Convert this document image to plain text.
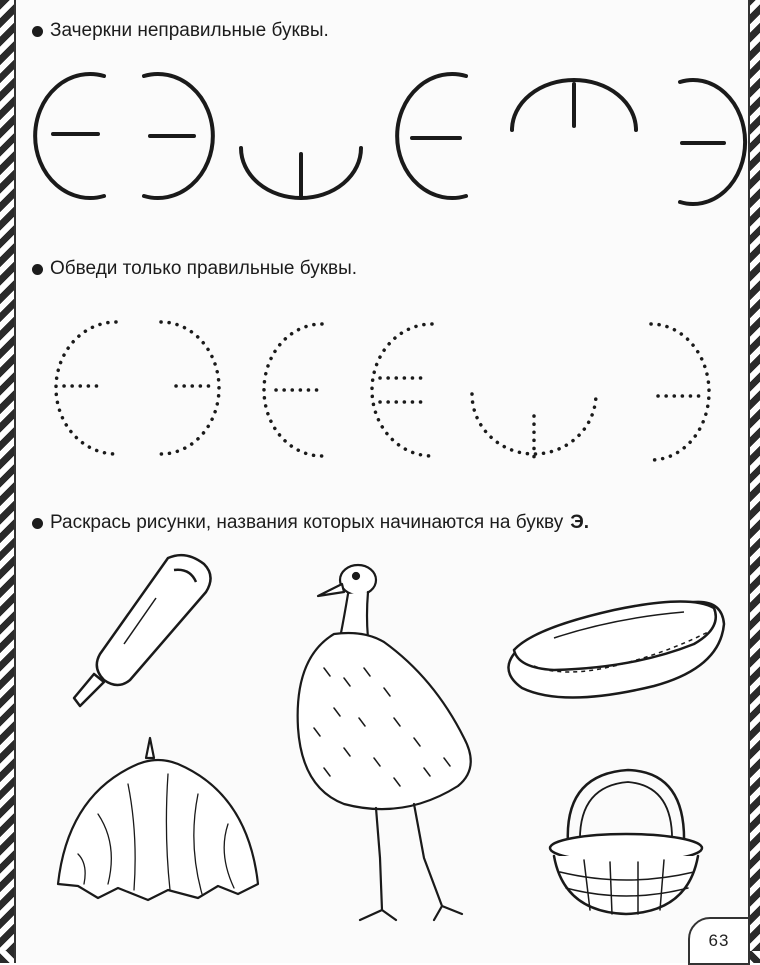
Зачеркни неправильные буквы.
Обведи только правильные буквы.
Раскрась рисунки, названия которых начинаются на букву Э.
63
